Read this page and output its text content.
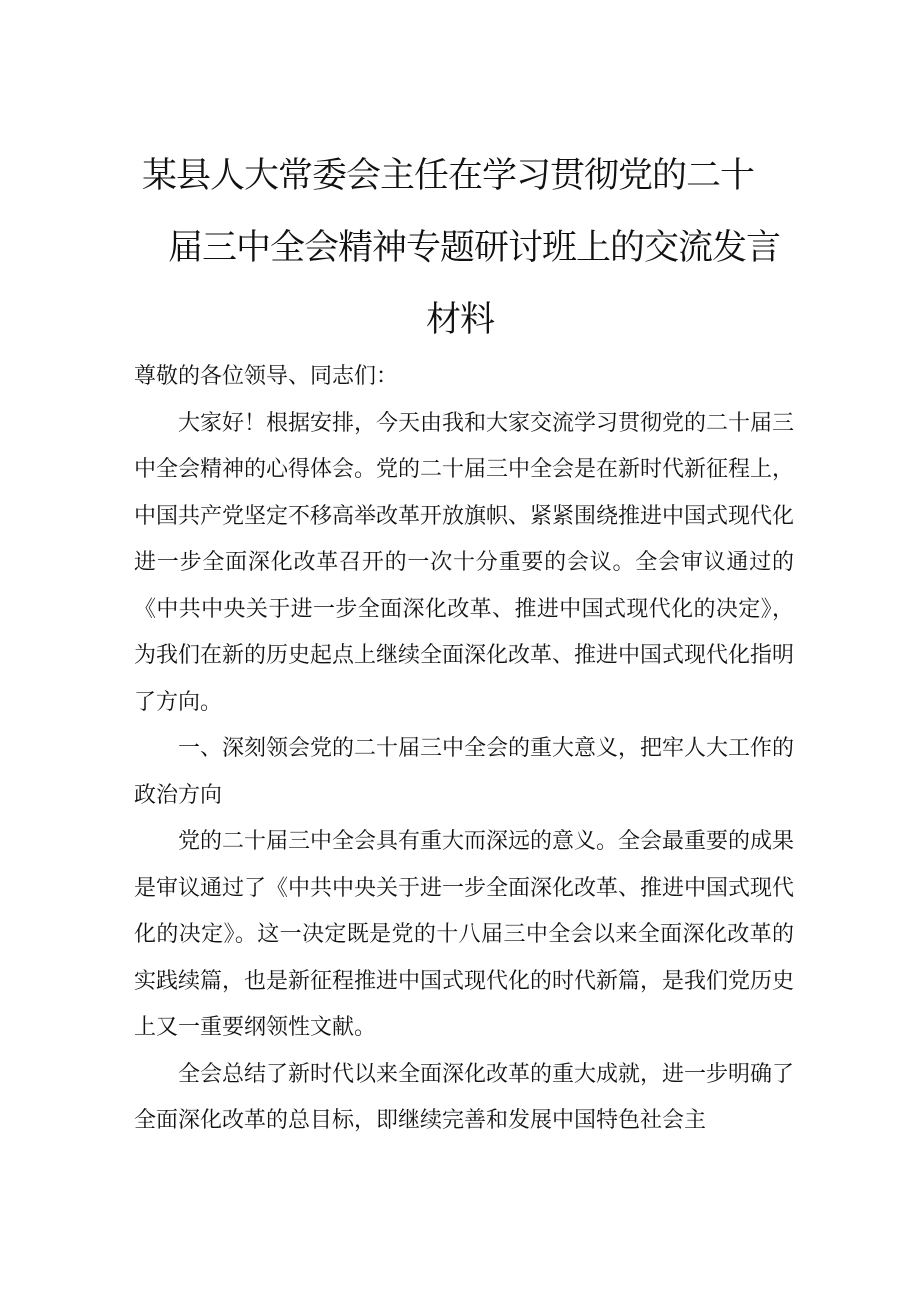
某县人大常委会主任在学习贯彻党的二十
届三中全会精神专题研讨班上的交流发言
材料

尊敬的各位领导、同志们：

大家好！根据安排，今天由我和大家交流学习贯彻党的二十届三中全会精神的心得体会。党的二十届三中全会是在新时代新征程上，中国共产党坚定不移高举改革开放旗帜、紧紧围绕推进中国式现代化进一步全面深化改革召开的一次十分重要的会议。全会审议通过的《中共中央关于进一步全面深化改革、推进中国式现代化的决定》，为我们在新的历史起点上继续全面深化改革、推进中国式现代化指明了方向。

一、深刻领会党的二十届三中全会的重大意义，把牢人大工作的政治方向

党的二十届三中全会具有重大而深远的意义。全会最重要的成果是审议通过了《中共中央关于进一步全面深化改革、推进中国式现代化的决定》。这一决定既是党的十八届三中全会以来全面深化改革的实践续篇，也是新征程推进中国式现代化的时代新篇，是我们党历史上又一重要纲领性文献。

全会总结了新时代以来全面深化改革的重大成就，进一步明确了全面深化改革的总目标，即继续完善和发展中国特色社会主
